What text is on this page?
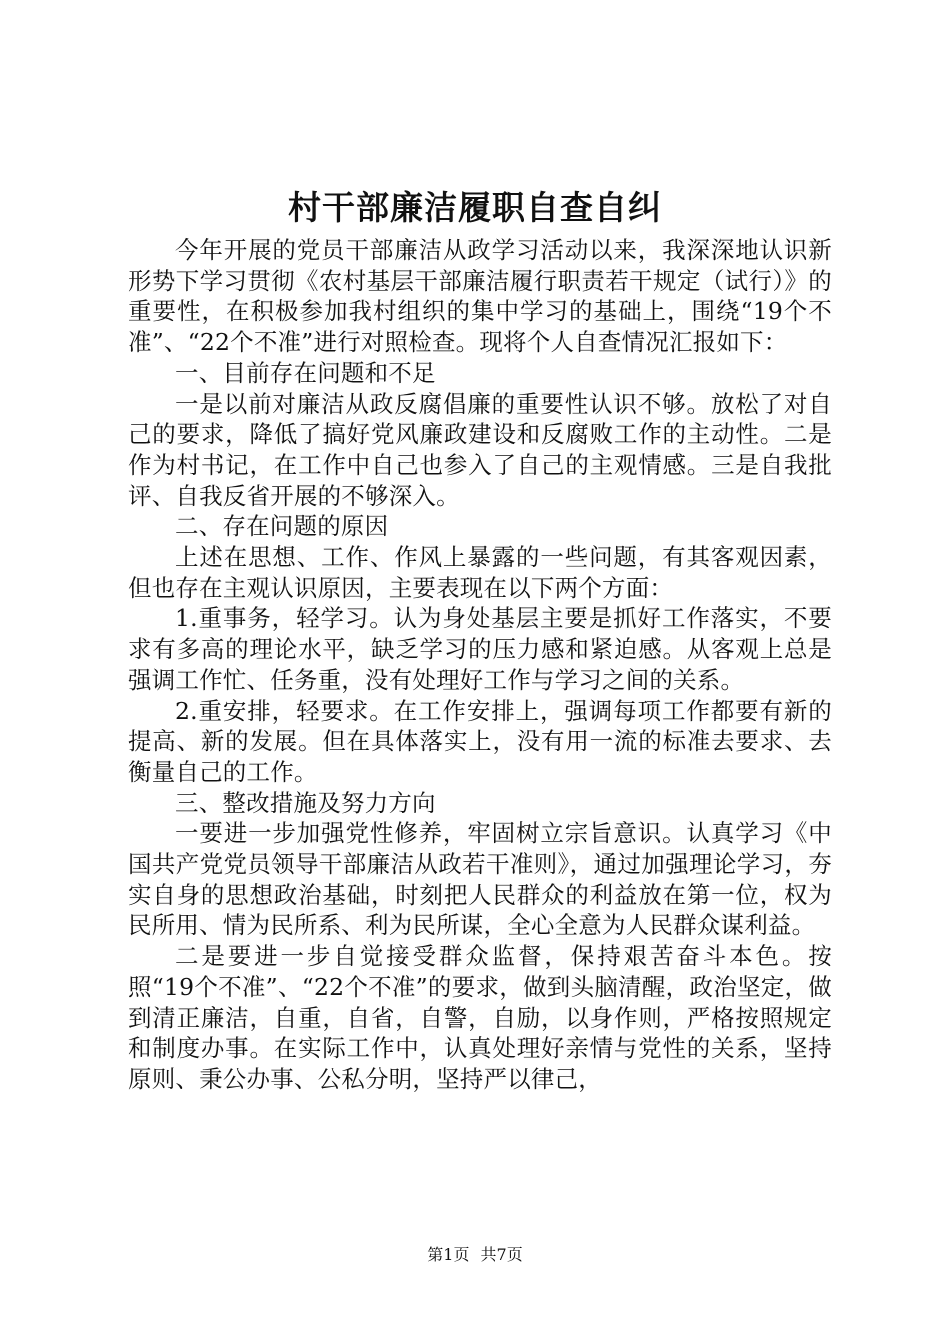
村干部廉洁履职自查自纠

今年开展的党员干部廉洁从政学习活动以来，我深深地认识新形势下学习贯彻《农村基层干部廉洁履行职责若干规定（试行）》的重要性，在积极参加我村组织的集中学习的基础上，围绕“19个不准”、“22个不准”进行对照检查。现将个人自查情况汇报如下：

一、目前存在问题和不足

一是以前对廉洁从政反腐倡廉的重要性认识不够。放松了对自己的要求，降低了搞好党风廉政建设和反腐败工作的主动性。二是作为村书记，在工作中自己也参入了自己的主观情感。三是自我批评、自我反省开展的不够深入。

二、存在问题的原因

上述在思想、工作、作风上暴露的一些问题，有其客观因素，但也存在主观认识原因，主要表现在以下两个方面：

1.重事务，轻学习。认为身处基层主要是抓好工作落实，不要求有多高的理论水平，缺乏学习的压力感和紧迫感。从客观上总是强调工作忙、任务重，没有处理好工作与学习之间的关系。

2.重安排，轻要求。在工作安排上，强调每项工作都要有新的提高、新的发展。但在具体落实上，没有用一流的标准去要求、去衡量自己的工作。

三、整改措施及努力方向

一要进一步加强党性修养，牢固树立宗旨意识。认真学习《中国共产党党员领导干部廉洁从政若干准则》，通过加强理论学习，夯实自身的思想政治基础，时刻把人民群众的利益放在第一位，权为民所用、情为民所系、利为民所谋，全心全意为人民群众谋利益。

二是要进一步自觉接受群众监督，保持艰苦奋斗本色。按照“19个不准”、“22个不准”的要求，做到头脑清醒，政治坚定，做到清正廉洁，自重，自省，自警，自励，以身作则，严格按照规定和制度办事。在实际工作中，认真处理好亲情与党性的关系，坚持原则、秉公办事、公私分明，坚持严以律己，

第1页 共7页
